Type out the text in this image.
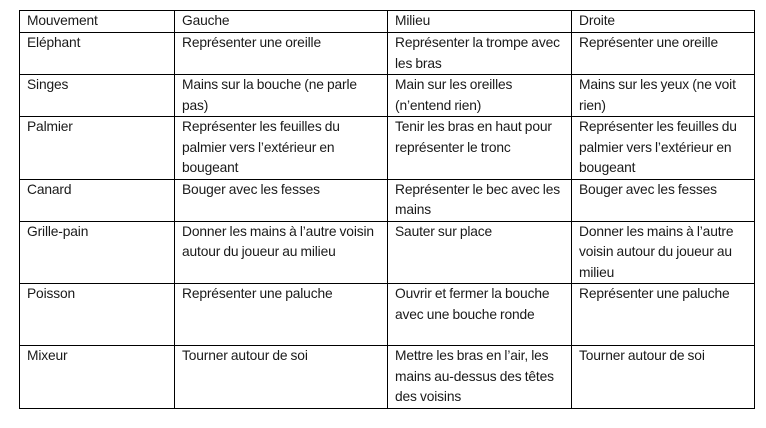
Mouvement	Gauche	Milieu	Droite
Eléphant	Représenter une oreille	Représenter la trompe avec les bras	Représenter une oreille
Singes	Mains sur la bouche (ne parle pas)	Main sur les oreilles (n’entend rien)	Mains sur les yeux (ne voit rien)
Palmier	Représenter les feuilles du palmier vers l’extérieur en bougeant	Tenir les bras en haut pour représenter le tronc	Représenter les feuilles du palmier vers l’extérieur en bougeant
Canard	Bouger avec les fesses	Représenter le bec avec les mains	Bouger avec les fesses
Grille-pain	Donner les mains à l’autre voisin autour du joueur au milieu	Sauter sur place	Donner les mains à l’autre voisin autour du joueur au milieu
Poisson	Représenter une paluche	Ouvrir et fermer la bouche avec une bouche ronde	Représenter une paluche
Mixeur	Tourner autour de soi	Mettre les bras en l’air, les mains au-dessus des têtes des voisins	Tourner autour de soi
